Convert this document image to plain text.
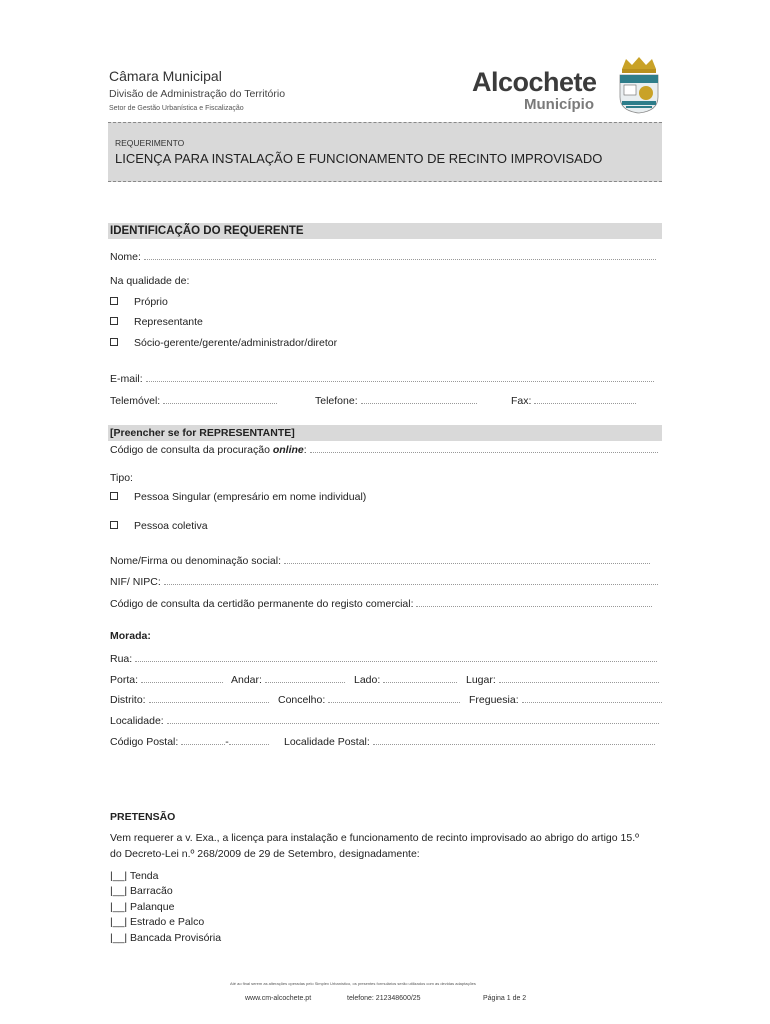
Câmara Municipal
Divisão de Administração do Território
Setor de Gestão Urbanística e Fiscalização
Alcochete
Município
REQUERIMENTO
LICENÇA PARA INSTALAÇÃO E FUNCIONAMENTO DE RECINTO IMPROVISADO
IDENTIFICAÇÃO DO REQUERENTE
Nome:
Na qualidade de:
Próprio
Representante
Sócio-gerente/gerente/administrador/diretor
E-mail:
Telemóvel:	Telefone:	Fax:
[Preencher se for REPRESENTANTE]
Código de consulta da procuração online:
Tipo:
Pessoa Singular (empresário em nome individual)
Pessoa coletiva
Nome/Firma ou denominação social:
NIF/ NIPC:
Código de consulta da certidão permanente do registo comercial:
Morada:
Rua:
Porta:	Andar:	Lado:	Lugar:
Distrito:	Concelho:	Freguesia:
Localidade:
Código Postal:	-	Localidade Postal:
PRETENSÃO
Vem requerer a v. Exa., a licença para instalação e funcionamento de recinto improvisado ao abrigo do artigo 15.º
do Decreto-Lei n.º 268/2009 de 29 de Setembro, designadamente:
|__| Tenda
|__| Barracão
|__| Palanque
|__| Estrado e Palco
|__| Bancada Provisória
Até ao final serem as alterações operadas pelo Simplex Urbanístico, os presentes formulários serão utilizados com as devidas adaptações
www.cm-alcochete.pt	telefone: 212348600/25	Página 1 de 2
